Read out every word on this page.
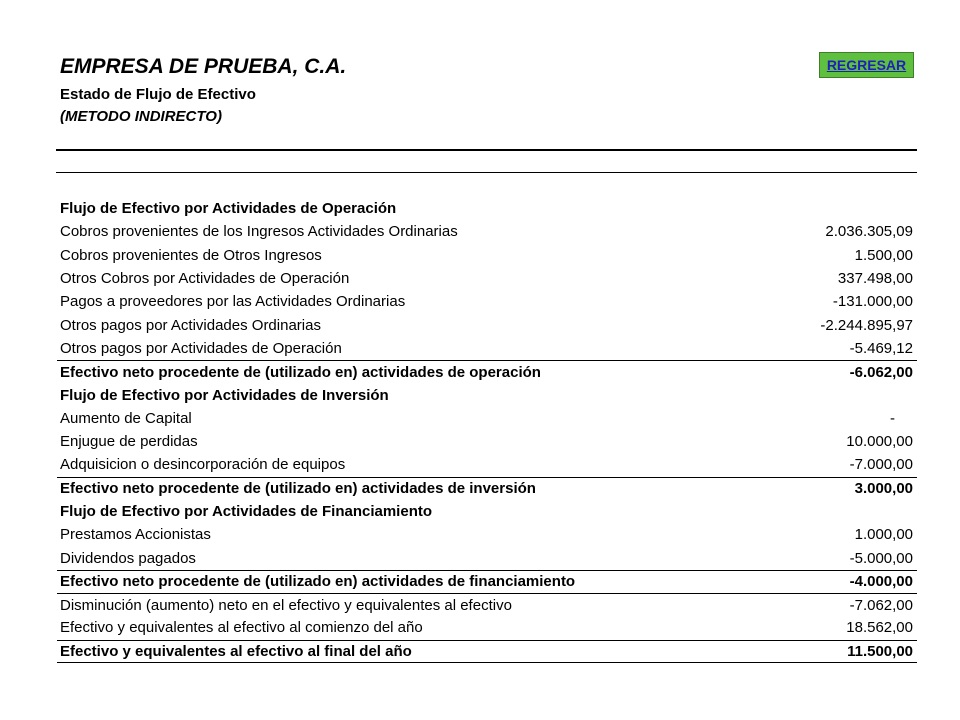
EMPRESA DE PRUEBA, C.A.
Estado de Flujo de Efectivo
(METODO INDIRECTO)
REGRESAR
Flujo de Efectivo por Actividades de Operación
Cobros provenientes de los Ingresos Actividades Ordinarias	2.036.305,09
Cobros provenientes de Otros Ingresos	1.500,00
Otros Cobros por Actividades de Operación	337.498,00
Pagos a proveedores por las Actividades Ordinarias	-131.000,00
Otros pagos por Actividades Ordinarias	-2.244.895,97
Otros pagos por Actividades de Operación	-5.469,12
Efectivo neto procedente de (utilizado en) actividades de operación	-6.062,00
Flujo de Efectivo por Actividades de Inversión
Aumento de Capital	-
Enjugue de perdidas	10.000,00
Adquisicion o desincorporación de equipos	-7.000,00
Efectivo neto procedente de (utilizado en) actividades de inversión	3.000,00
Flujo de Efectivo por Actividades de Financiamiento
Prestamos Accionistas	1.000,00
Dividendos pagados	-5.000,00
Efectivo neto procedente de (utilizado en) actividades de financiamiento	-4.000,00
Disminución (aumento) neto en el efectivo y equivalentes al efectivo	-7.062,00
Efectivo y equivalentes al efectivo al comienzo del año	18.562,00
Efectivo y equivalentes al efectivo al final del año	11.500,00
